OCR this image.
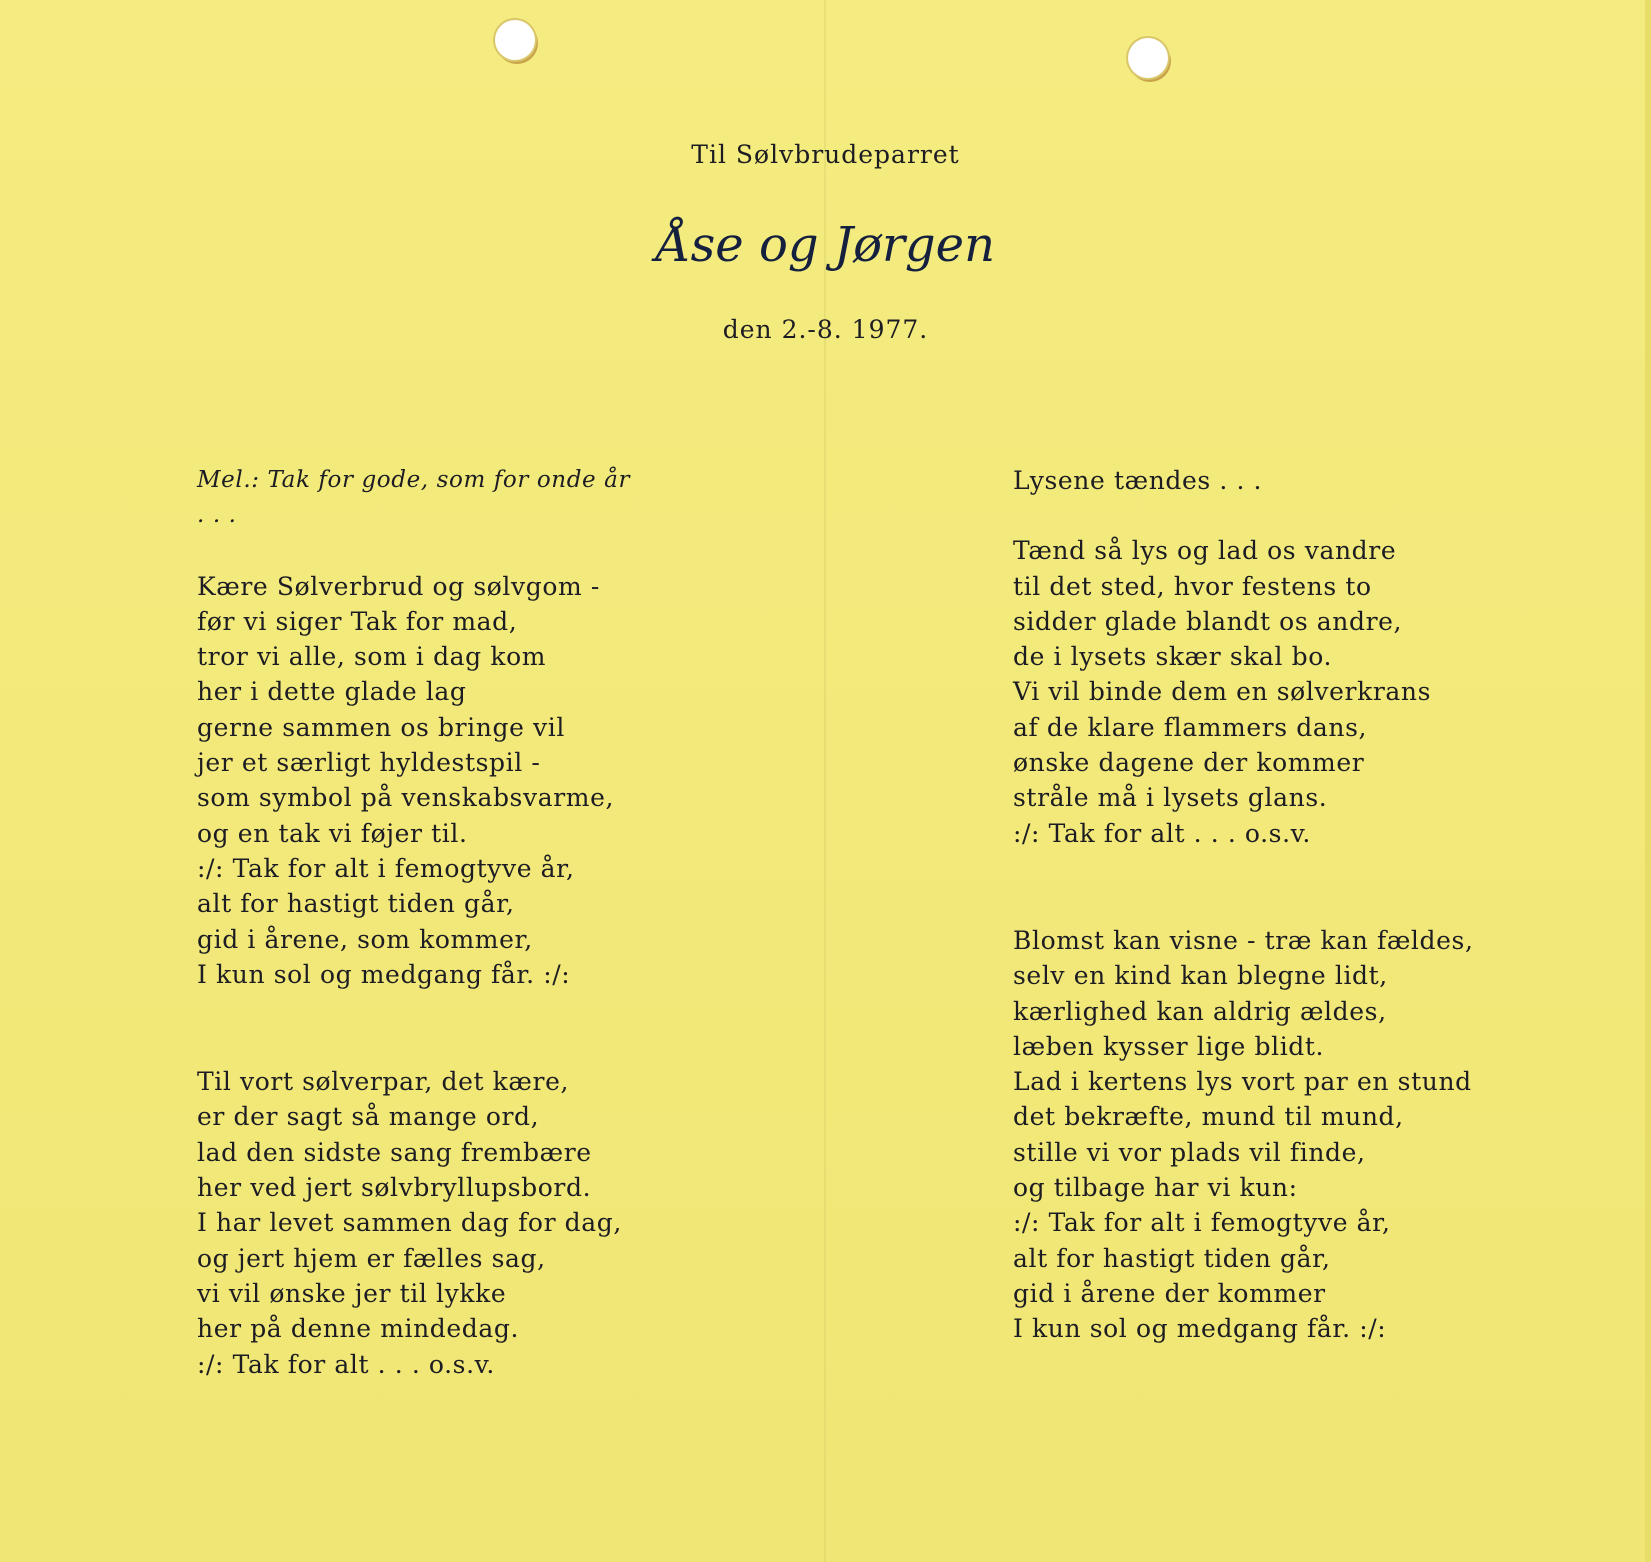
Til Sølvbrudeparret
Åse og Jørgen
den 2.-8. 1977.
Mel.: Tak for gode, som for onde år . . .
Kære Sølverbrud og sølvgom -
før vi siger Tak for mad,
tror vi alle, som i dag kom
her i dette glade lag
gerne sammen os bringe vil
jer et særligt hyldestspil -
som symbol på venskabsvarme,
og en tak vi føjer til.
:/: Tak for alt i femogtyve år,
alt for hastigt tiden går,
gid i årene, som kommer,
I kun sol og medgang får. :/:
Til vort sølverpar, det kære,
er der sagt så mange ord,
lad den sidste sang frembære
her ved jert sølvbryllupsbord.
I har levet sammen dag for dag,
og jert hjem er fælles sag,
vi vil ønske jer til lykke
her på denne mindedag.
:/: Tak for alt . . . o.s.v.
Lysene tændes . . .
Tænd så lys og lad os vandre
til det sted, hvor festens to
sidder glade blandt os andre,
de i lysets skær skal bo.
Vi vil binde dem en sølverkrans
af de klare flammers dans,
ønske dagene der kommer
stråle må i lysets glans.
:/: Tak for alt . . . o.s.v.
Blomst kan visne - træ kan fældes,
selv en kind kan blegne lidt,
kærlighed kan aldrig ældes,
læben kysser lige blidt.
Lad i kertens lys vort par en stund
det bekræfte, mund til mund,
stille vi vor plads vil finde,
og tilbage har vi kun:
:/: Tak for alt i femogtyve år,
alt for hastigt tiden går,
gid i årene der kommer
I kun sol og medgang får. :/:
